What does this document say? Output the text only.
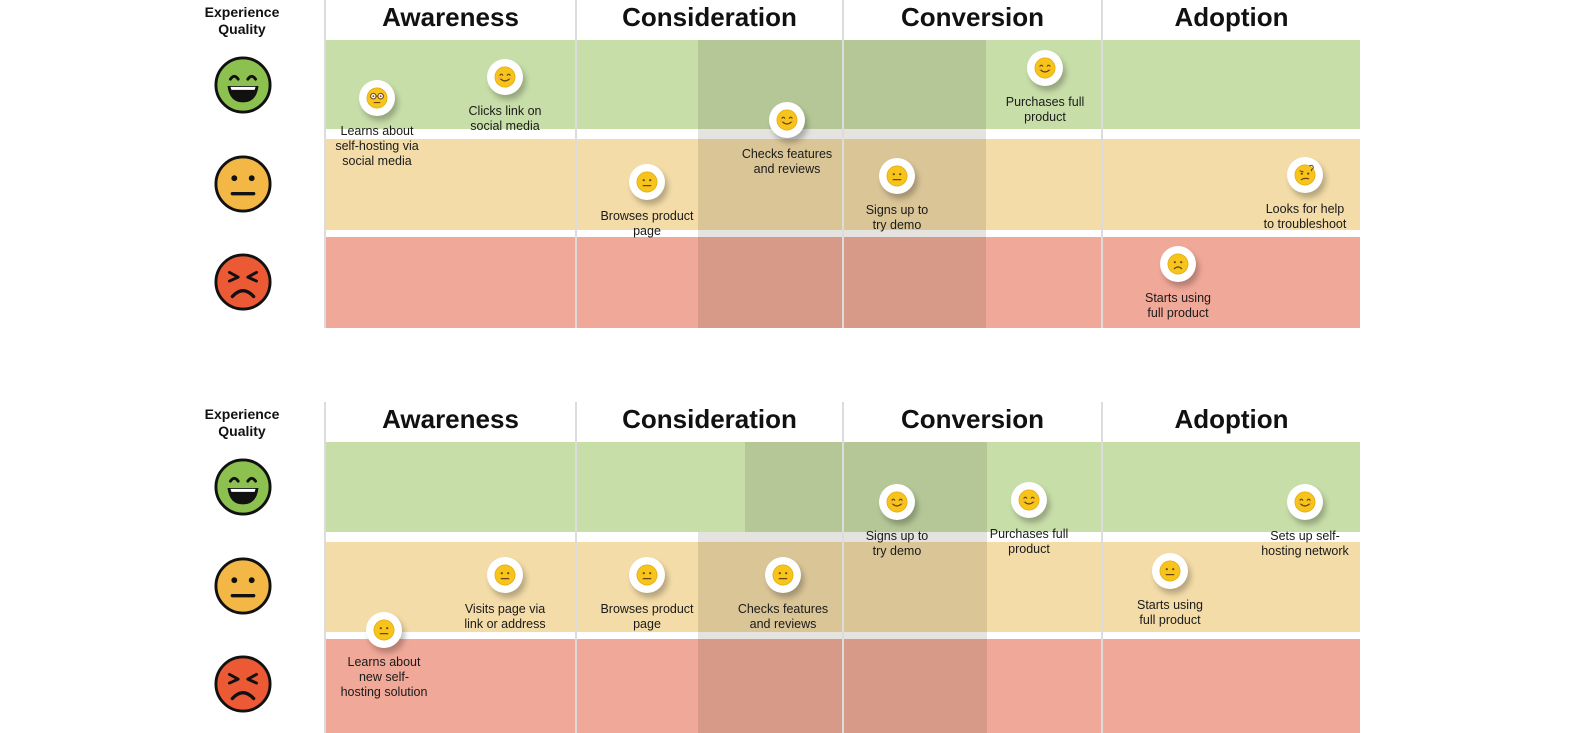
Experience
Quality	Awareness	Consideration	Conversion	Adoption
Learns about
self-hosting via
social media
Clicks link on
social media
Browses product
page
Checks features
and reviews
Signs up to
try demo
Purchases full
product
Starts using
full product
Looks for help
to troubleshoot
Experience
Quality	Awareness	Consideration	Conversion	Adoption
Learns about
new self-
hosting solution
Visits page via
link or address
Browses product
page
Checks features
and reviews
Signs up to
try demo
Purchases full
product
Starts using
full product
Sets up self-
hosting network
